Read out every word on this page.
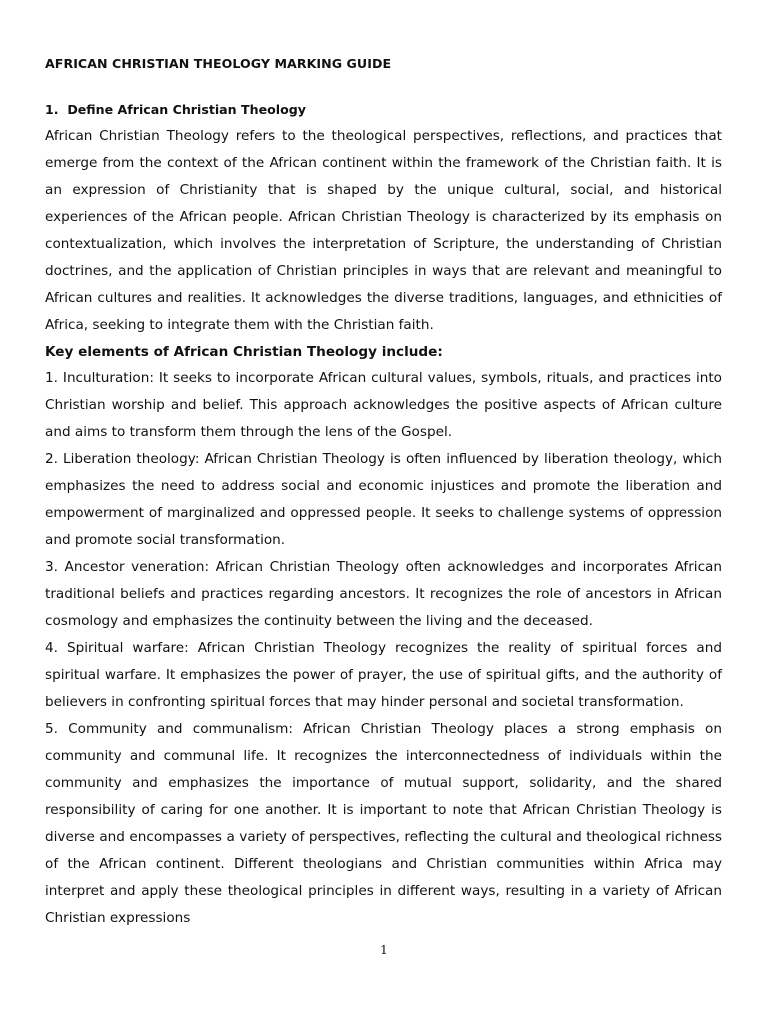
AFRICAN CHRISTIAN THEOLOGY MARKING GUIDE
1.  Define African Christian Theology

African Christian Theology refers to the theological perspectives, reflections, and practices that emerge from the context of the African continent within the framework of the Christian faith. It is an expression of Christianity that is shaped by the unique cultural, social, and historical experiences of the African people. African Christian Theology is characterized by its emphasis on contextualization, which involves the interpretation of Scripture, the understanding of Christian doctrines, and the application of Christian principles in ways that are relevant and meaningful to African cultures and realities. It acknowledges the diverse traditions, languages, and ethnicities of Africa, seeking to integrate them with the Christian faith.

Key elements of African Christian Theology include:

1. Inculturation: It seeks to incorporate African cultural values, symbols, rituals, and practices into Christian worship and belief. This approach acknowledges the positive aspects of African culture and aims to transform them through the lens of the Gospel.

2. Liberation theology: African Christian Theology is often influenced by liberation theology, which emphasizes the need to address social and economic injustices and promote the liberation and empowerment of marginalized and oppressed people. It seeks to challenge systems of oppression and promote social transformation.

3. Ancestor veneration: African Christian Theology often acknowledges and incorporates African traditional beliefs and practices regarding ancestors. It recognizes the role of ancestors in African cosmology and emphasizes the continuity between the living and the deceased.

4. Spiritual warfare: African Christian Theology recognizes the reality of spiritual forces and spiritual warfare. It emphasizes the power of prayer, the use of spiritual gifts, and the authority of believers in confronting spiritual forces that may hinder personal and societal transformation.

5. Community and communalism: African Christian Theology places a strong emphasis on community and communal life. It recognizes the interconnectedness of individuals within the community and emphasizes the importance of mutual support, solidarity, and the shared responsibility of caring for one another. It is important to note that African Christian Theology is diverse and encompasses a variety of perspectives, reflecting the cultural and theological richness of the African continent. Different theologians and Christian communities within Africa may interpret and apply these theological principles in different ways, resulting in a variety of African Christian expressions

1
